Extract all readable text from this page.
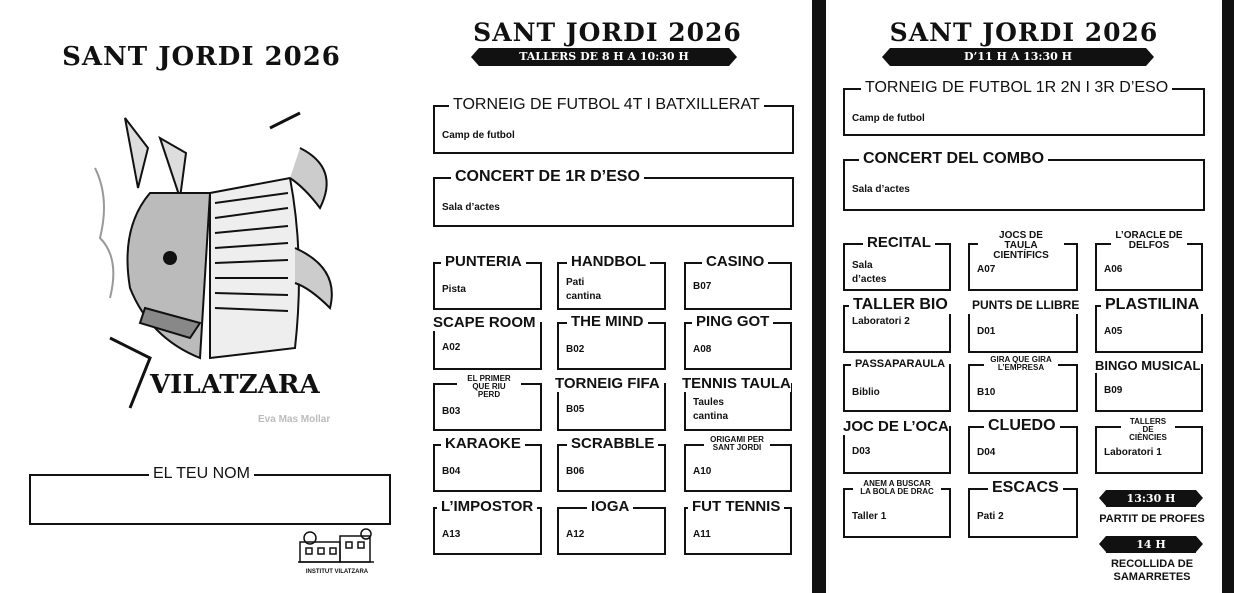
SANT JORDI 2026
VILATZARA
Eva Mas Mollar
EL TEU NOM
INSTITUT VILATZARA
SANT JORDI 2026
TALLERS DE 8 H A 10:30 H
TORNEIG DE FUTBOL 4T I BATXILLERAT
Camp de futbol
CONCERT DE 1R D’ESO
Sala d’actes
PUNTERIA
Pista
HANDBOL
Pati cantina
CASINO
B07
SCAPE ROOM
A02
THE MIND
B02
PING GOT
A08
EL PRIMER QUE RIU PERD
B03
TORNEIG FIFA
B05
TENNIS TAULA
Taules cantina
KARAOKE
B04
SCRABBLE
B06
ORIGAMI PER SANT JORDI
A10
L’IMPOSTOR
A13
IOGA
A12
FUT TENNIS
A11
SANT JORDI 2026
D’11 H A 13:30 H
TORNEIG DE FUTBOL 1R 2N I 3R D’ESO
Camp de futbol
CONCERT DEL COMBO
Sala d’actes
RECITAL
Sala d’actes
JOCS DE TAULA CIENTÍFICS
A07
L’ORACLE DE DELFOS
A06
TALLER BIO
Laboratori 2
PUNTS DE LLIBRE
D01
PLASTILINA
A05
PASSAPARAULA
Biblio
GIRA QUE GIRA L’EMPRESA
B10
BINGO MUSICAL
B09
JOC DE L’OCA
D03
CLUEDO
D04
TALLERS DE CIÈNCIES
Laboratori 1
ANEM A BUSCAR LA BOLA DE DRAC
Taller 1
ESCACS
Pati 2
13:30 H
PARTIT DE PROFES
14 H
RECOLLIDA DE SAMARRETES
